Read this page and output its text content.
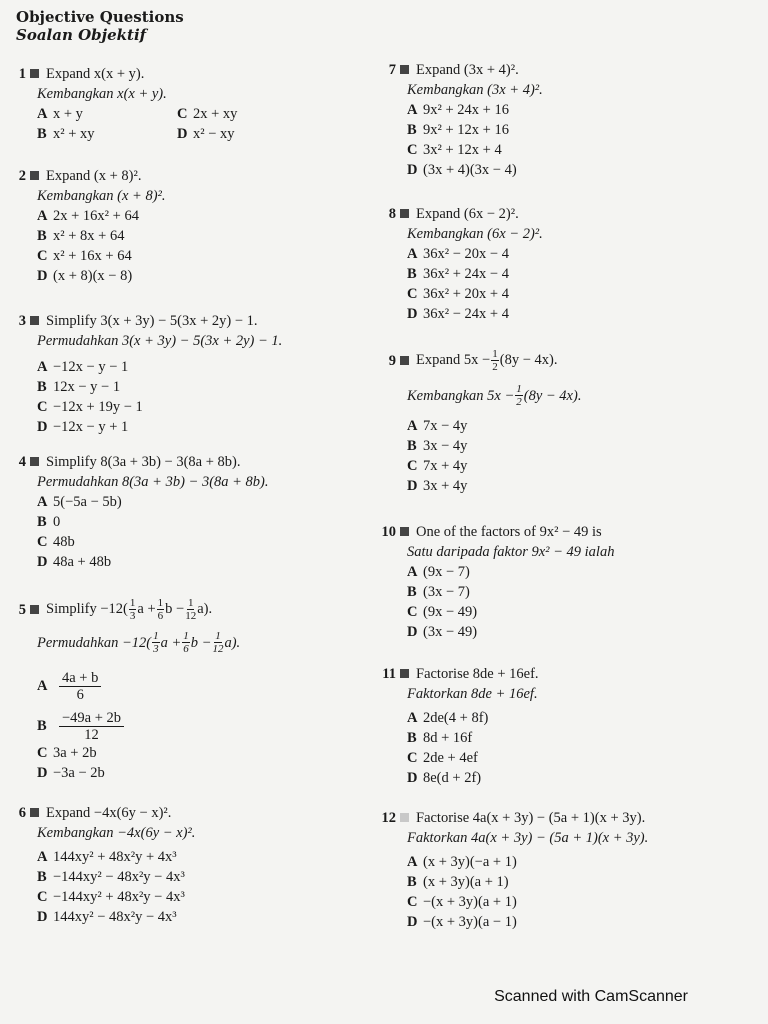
Objective Questions
Soalan Objektif
1 Expand x(x + y).
Kembangkan x(x + y).
A x + y	C 2x + xy
B x² + xy	D x² − xy
2 Expand (x + 8)².
Kembangkan (x + 8)².
A 2x + 16x² + 64
B x² + 8x + 64
C x² + 16x + 64
D (x + 8)(x − 8)
3 Simplify 3(x + 3y) − 5(3x + 2y) − 1.
Permudahkan 3(x + 3y) − 5(3x + 2y) − 1.
A −12x − y − 1
B 12x − y − 1
C −12x + 19y − 1
D −12x − y + 1
4 Simplify 8(3a + 3b) − 3(8a + 8b).
Permudahkan 8(3a + 3b) − 3(8a + 8b).
A 5(−5a − 5b)
B 0
C 48b
D 48a + 48b
5 Simplify $-12( \frac{1}{3}$ $a + \frac{1}{6}$ $b - \frac{1}{12} a$).
Permudahkan −12( 1
3 $a + \frac{1}{6}$ $b - \frac{1}{12}$ a ).
A $\frac{4a + b}{6}$
B $\frac{-49a + 2b}{12}$
C 3a + 2b
D −3a − 2b
6 Expand −4x(6y − x)².
Kembangkan −4x(6y − x)².
A 144xy² + 48x²y + 4x³
B −144xy² − 48x²y − 4x³
C −144xy² + 48x²y − 4x³
D 144xy² − 48x²y − 4x³
7 Expand (3x + 4)².
Kembangkan (3x + 4)².
A 9x² + 24x + 16
B 9x² + 12x + 16
C 3x² + 12x + 4
D (3x + 4)(3x − 4)
8 Expand (6x − 2)².
Kembangkan (6x − 2)².
A 36x² − 20x − 4
B 36x² + 24x − 4
C 36x² + 20x + 4
D 36x² − 24x + 4
9 Expand $5x - \frac{1}{2} (8y - 4x)$.
Kembangkan $5x - \frac{1}{2} (8y - 4x)$.
A 7x − 4y
B 3x − 4y
C 7x + 4y
D 3x + 4y
10 One of the factors of 9x² − 49 is
Satu daripada faktor 9x² − 49 ialah
A (9x − 7)
B (3x − 7)
C (9x − 49)
D (3x − 49)
11 Factorise 8de + 16ef.
Faktorkan 8de + 16ef.
A 2de(4 + 8f)
B 8d + 16f
C 2de + 4ef
D 8e(d + 2f)
12 Factorise 4a(x + 3y) − (5a + 1)(x + 3y).
Faktorkan 4a(x + 3y) − (5a + 1)(x + 3y).
A (x + 3y)(−a + 1)
B (x + 3y)(a + 1)
C −(x + 3y)(a + 1)
D −(x + 3y)(a − 1)
Scanned with CamScanner
